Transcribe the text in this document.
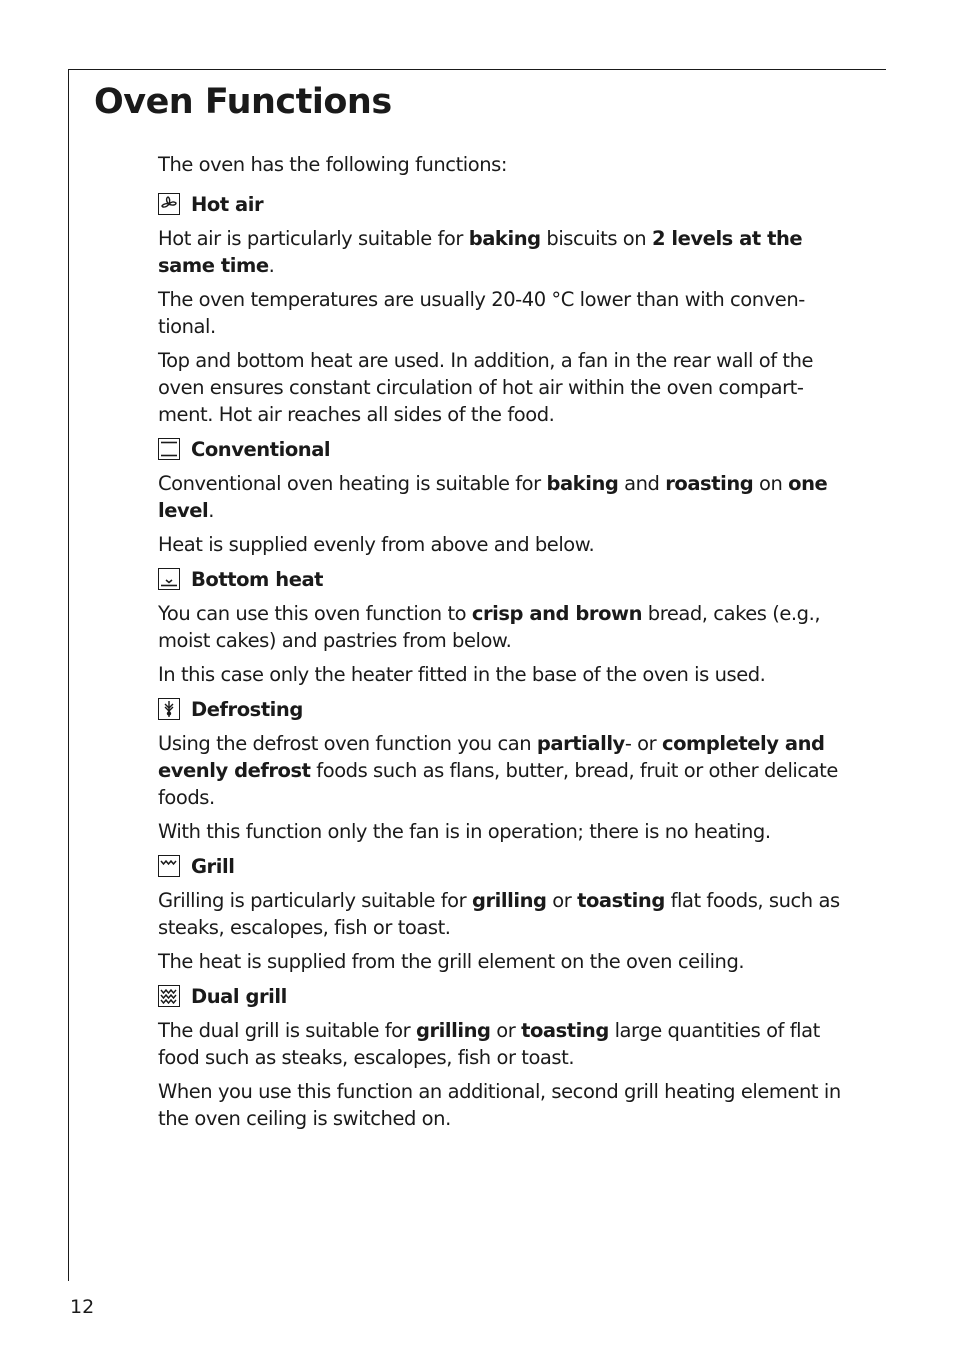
Oven Functions

The oven has the following functions:

Hot air

Hot air is particularly suitable for baking biscuits on 2 levels at the same time.

The oven temperatures are usually 20-40 °C lower than with conven-tional.

Top and bottom heat are used. In addition, a fan in the rear wall of the oven ensures constant circulation of hot air within the oven compart-ment. Hot air reaches all sides of the food.

Conventional

Conventional oven heating is suitable for baking and roasting on one level.

Heat is supplied evenly from above and below.

Bottom heat

You can use this oven function to crisp and brown bread, cakes (e.g., moist cakes) and pastries from below.

In this case only the heater fitted in the base of the oven is used.

Defrosting

Using the defrost oven function you can partially- or completely and evenly defrost foods such as flans, butter, bread, fruit or other delicate foods.

With this function only the fan is in operation; there is no heating.

Grill

Grilling is particularly suitable for grilling or toasting flat foods, such as steaks, escalopes, fish or toast.

The heat is supplied from the grill element on the oven ceiling.

Dual grill

The dual grill is suitable for grilling or toasting large quantities of flat food such as steaks, escalopes, fish or toast.

When you use this function an additional, second grill heating element in the oven ceiling is switched on.

12
